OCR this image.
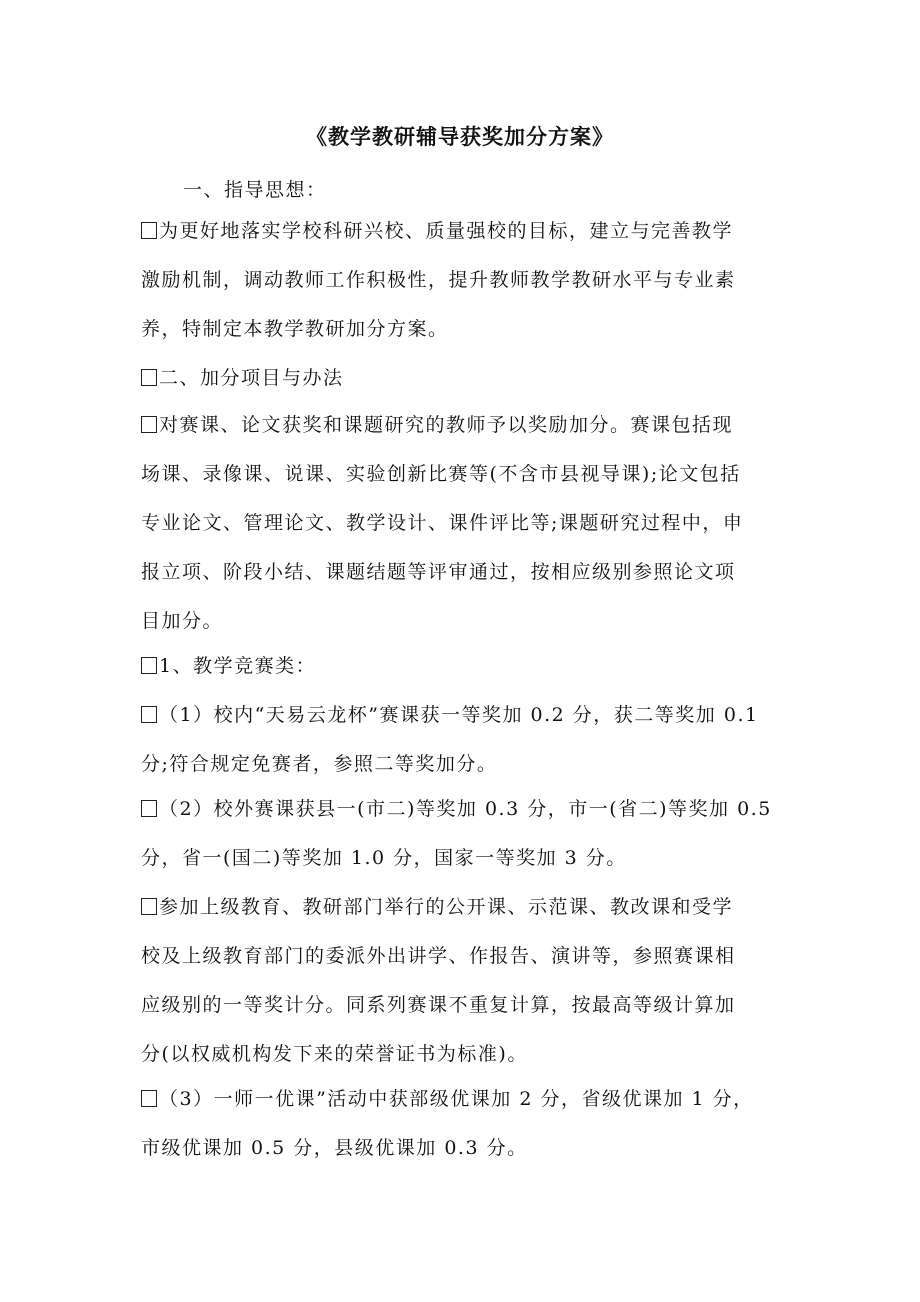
《教学教研辅导获奖加分方案》
一、指导思想：
为更好地落实学校科研兴校、质量强校的目标，建立与完善教学
激励机制，调动教师工作积极性，提升教师教学教研水平与专业素
养，特制定本教学教研加分方案。
二、加分项目与办法
对赛课、论文获奖和课题研究的教师予以奖励加分。赛课包括现
场课、录像课、说课、实验创新比赛等(不含市县视导课);论文包括
专业论文、管理论文、教学设计、课件评比等;课题研究过程中，申
报立项、阶段小结、课题结题等评审通过，按相应级别参照论文项
目加分。
1、教学竞赛类：
（1）校内“天易云龙杯”赛课获一等奖加 0.2 分，获二等奖加 0.1
分;符合规定免赛者，参照二等奖加分。
（2）校外赛课获县一(市二)等奖加 0.3 分，市一(省二)等奖加 0.5
分，省一(国二)等奖加 1.0 分，国家一等奖加 3 分。
参加上级教育、教研部门举行的公开课、示范课、教改课和受学
校及上级教育部门的委派外出讲学、作报告、演讲等，参照赛课相
应级别的一等奖计分。同系列赛课不重复计算，按最高等级计算加
分(以权威机构发下来的荣誉证书为标准)。
（3）一师一优课”活动中获部级优课加 2 分，省级优课加 1 分，
市级优课加 0.5 分，县级优课加 0.3 分。
